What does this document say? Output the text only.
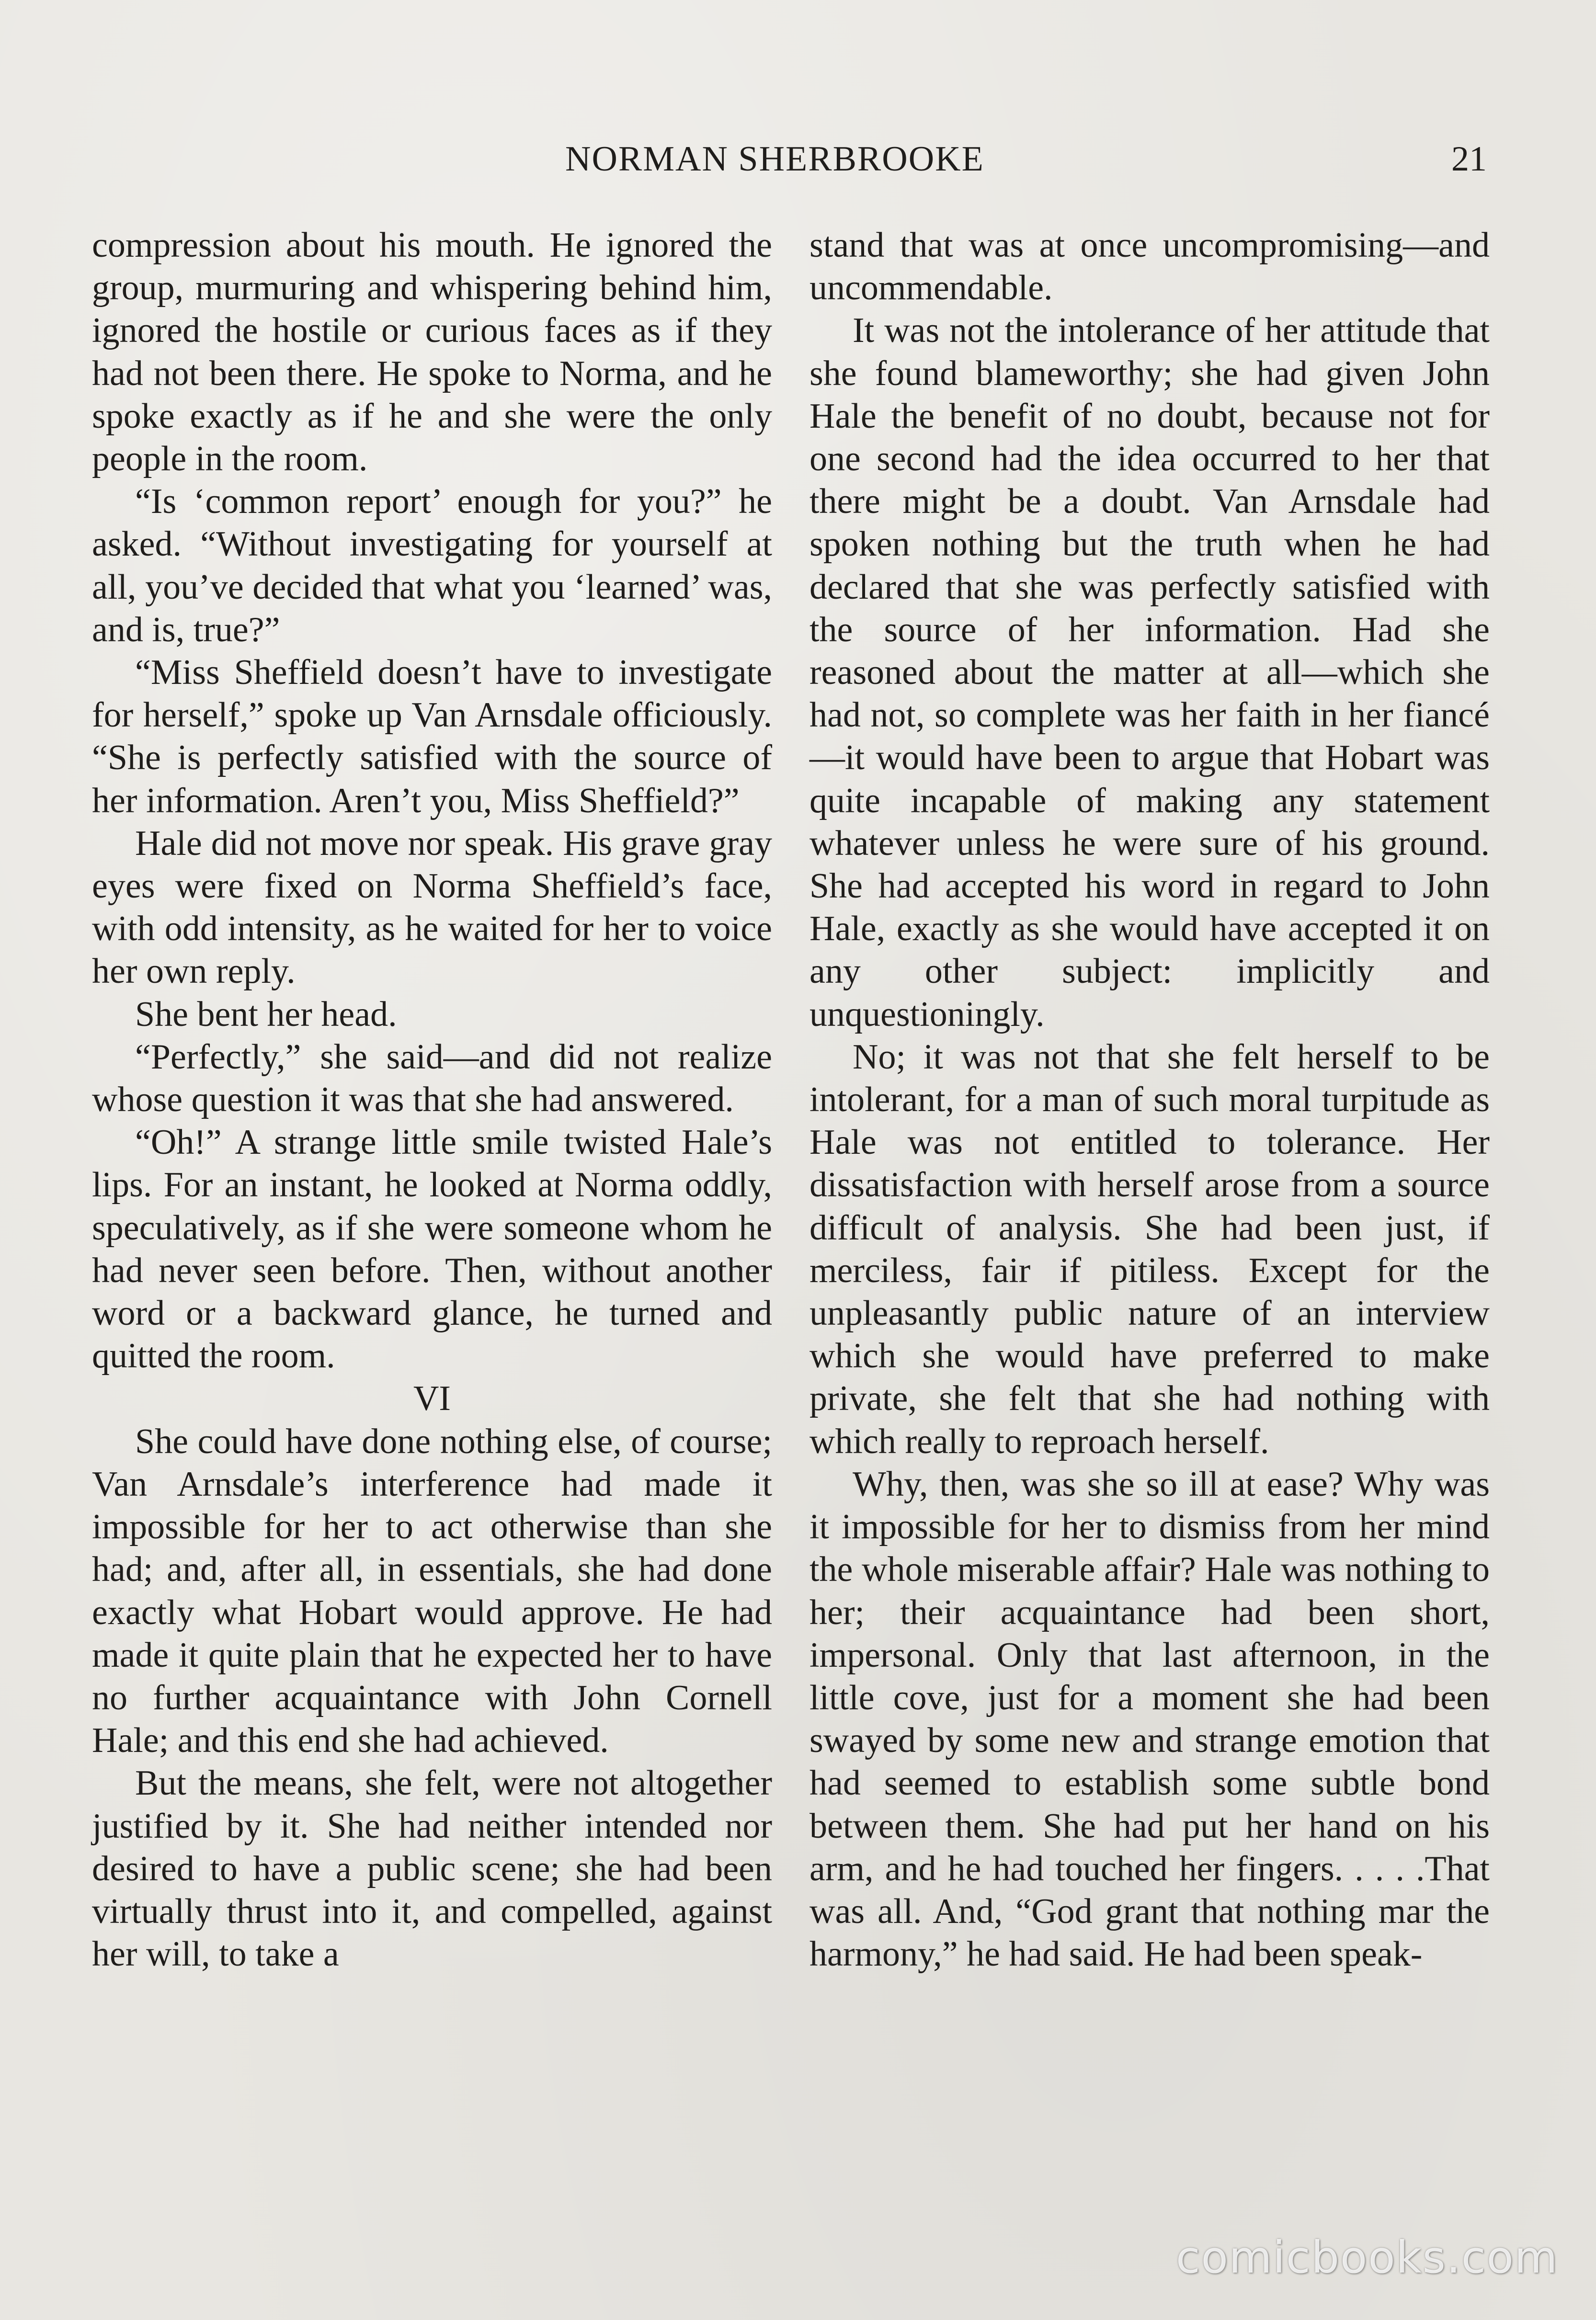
NORMAN SHERBROOKE	21

compression about his mouth. He ignored the group, murmuring and whispering behind him, ignored the hostile or curious faces as if they had not been there. He spoke to Norma, and he spoke exactly as if he and she were the only people in the room.

“Is ‘common report’ enough for you?” he asked. “Without investigating for yourself at all, you’ve decided that what you ‘learned’ was, and is, true?”

“Miss Sheffield doesn’t have to investigate for herself,” spoke up Van Arnsdale officiously. “She is perfectly satisfied with the source of her information. Aren’t you, Miss Sheffield?”

Hale did not move nor speak. His grave gray eyes were fixed on Norma Sheffield’s face, with odd intensity, as he waited for her to voice her own reply.

She bent her head.

“Perfectly,” she said—and did not realize whose question it was that she had answered.

“Oh!” A strange little smile twisted Hale’s lips. For an instant, he looked at Norma oddly, speculatively, as if she were someone whom he had never seen before. Then, without another word or a backward glance, he turned and quitted the room.

VI

She could have done nothing else, of course; Van Arnsdale’s interference had made it impossible for her to act otherwise than she had; and, after all, in essentials, she had done exactly what Hobart would approve. He had made it quite plain that he expected her to have no further acquaintance with John Cornell Hale; and this end she had achieved.

But the means, she felt, were not altogether justified by it. She had neither intended nor desired to have a public scene; she had been virtually thrust into it, and compelled, against her will, to take a

stand that was at once uncompromising—and uncommendable.

It was not the intolerance of her attitude that she found blameworthy; she had given John Hale the benefit of no doubt, because not for one second had the idea occurred to her that there might be a doubt. Van Arnsdale had spoken nothing but the truth when he had declared that she was perfectly satisfied with the source of her information. Had she reasoned about the matter at all—which she had not, so complete was her faith in her fiancé—it would have been to argue that Hobart was quite incapable of making any statement whatever unless he were sure of his ground. She had accepted his word in regard to John Hale, exactly as she would have accepted it on any other subject: implicitly and unquestioningly.

No; it was not that she felt herself to be intolerant, for a man of such moral turpitude as Hale was not entitled to tolerance. Her dissatisfaction with herself arose from a source difficult of analysis. She had been just, if merciless, fair if pitiless. Except for the unpleasantly public nature of an interview which she would have preferred to make private, she felt that she had nothing with which really to reproach herself.

Why, then, was she so ill at ease? Why was it impossible for her to dismiss from her mind the whole miserable affair? Hale was nothing to her; their acquaintance had been short, impersonal. Only that last afternoon, in the little cove, just for a moment she had been swayed by some new and strange emotion that had seemed to establish some subtle bond between them. She had put her hand on his arm, and he had touched her fingers. . . . .That was all. And, “God grant that nothing mar the harmony,” he had said. He had been speak-

comicbooks.com
